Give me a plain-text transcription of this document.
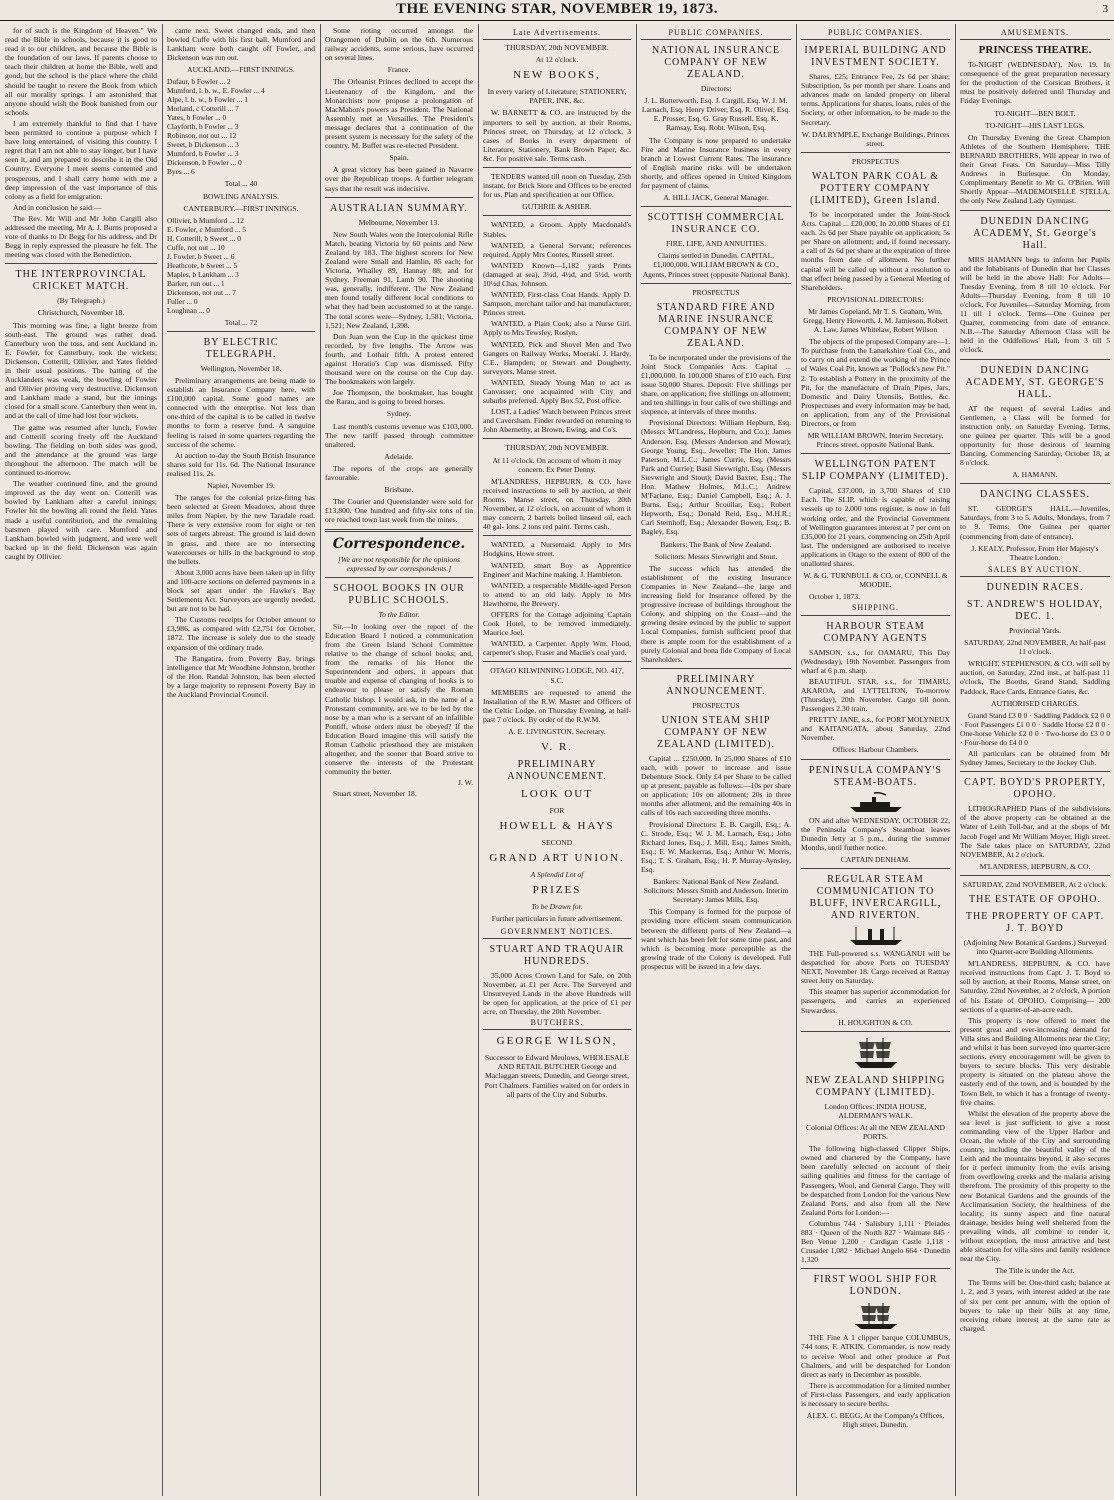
THE EVENING STAR, NOVEMBER 19, 1873.	3

for of such is the Kingdom of Heaven." We read the Bible in schools, because it is good to read it to our children, and because the Bible is the foundation of our laws. If parents choose to teach their children at home the Bible, well and good; but the school is the place where the child should be taught to revere the Book from which all our morality springs. I am astonished that anyone should wish the Book banished from our schools.

I am extremely thankful to find that I have been permitted to continue a purpose which I have long entertained, of visiting this country. I regret that I am not able to stay longer, but I have seen it, and am prepared to describe it in the Old Country. Everyone I meet seems contented and prosperous, and I shall carry home with me a deep impression of the vast importance of this colony as a field for emigration.

And in conclusion he said:—

The Rev. Mr Will and Mr John Cargill also addressed the meeting. Mr A. J. Burns proposed a vote of thanks to Dr Begg for his address, and Dr Begg in reply expressed the pleasure he felt. The meeting was closed with the Benediction.

THE INTERPROVINCIAL CRICKET MATCH.

(By Telegraph.)

Christchurch, November 18.

This morning was fine, a light breeze from south-east. The ground was rather dead. Canterbury won the toss, and sent Auckland in. E. Fowler, for Canterbury, took the wickets; Dickenson, Cotterill, Ollivier, and Yates fielded in their usual positions. The batting of the Aucklanders was weak, the bowling of Fowler and Ollivier proving very destructive. Dickenson and Lankham made a stand, but the innings closed for a small score. Canterbury then went in, and at the call of time had lost four wickets.

The game was resumed after lunch, Fowler and Cotterill scoring freely off the Auckland bowling. The fielding on both sides was good, and the attendance at the ground was large throughout the afternoon. The match will be continued to-morrow.

The weather continued fine, and the ground improved as the day went on. Cotterill was bowled by Lankham after a careful innings; Fowler hit the bowling all round the field. Yates made a useful contribution, and the remaining batsmen played with care. Mumford and Lankham bowled with judgment, and were well backed up in the field. Dickenson was again caught by Ollivier.

came next. Sweet changed ends, and then bowled Cuffe with his first ball. Mumford and Lankham were both caught off Fowler, and Dickenson was run out.

AUCKLAND.—FIRST INNINGS.

Dufaur, b Fowler ... 2
Mumford, l. b. w., E. Fowler ... 4
Alpe, l. b. w., b Fowler ... 1
Morland, c Cotterill ... 7
Yates, b Fowler ... 0
Clayforth, b Fowler ... 3
Robinson, not out ... 12
Sweet, b Dickenson ... 3
Mumford, b Fowler ... 3
Dickenson, b Fowler ... 0
Byes ... 6

Total ... 40

BOWLING ANALYSIS.

CANTERBURY.—FIRST INNINGS.

Ollivier, b Mumford ... 12
E. Fowler, c Mumford ... 5
H. Cotterill, b Sweet ... 0
Cuffe, not out ... 10
J. Fowler, b Sweet ... 6
Heathcote, b Sweet ... 5
Maples, b Lankham ... 3
Barker, run out ... 1
Dickenson, not out ... 7
Fuller ... 0
Loughnan ... 0

Total ... 72

BY ELECTRIC TELEGRAPH.

Wellington, November 18.

Preliminary arrangements are being made to establish an Insurance Company here, with £100,000 capital. Some good names are connected with the enterprise. Not less than one-third of the capital is to be called in twelve months to form a reserve fund. A sanguine feeling is raised in some quarters regarding the success of the scheme.

At auction to-day the South British Insurance shares sold for 11s. 6d. The National Insurance realised 11s. 2s.

Napier, November 19.

The ranges for the colonial prize-firing has been selected at Green Meadows, about three miles from Napier, by the new Taradale road. There is very extensive room for eight or ten sets of targets abreast. The ground is laid down in grass, and there are no intersecting watercourses or hills in the background to stop the bullets.

About 3,000 acres have been taken up in fifty and 100-acre sections on deferred payments in a block set apart under the Hawke's Bay Settlements Act. Surveyors are urgently needed, but are not to be had.

The Customs receipts for October amount to £3,986, as compared with £2,751 for October, 1872. The increase is solely due to the steady expansion of the ordinary trade.

The Rangatira, from Poverty Bay, brings intelligence that Mr Woodbine Johnston, brother of the Hon. Randal Johnston, has been elected by a large majority to represent Poverty Bay in the Auckland Provincial Council.

Some rioting occurred amongst the Orangemen of Dublin on the 6th. Numerous railway accidents, some serious, have occurred on several lines.

France.

The Orleanist Princes declined to accept the Lieutenancy of the Kingdom, and the Monarchists now propose a prolongation of MacMahon's powers as President. The National Assembly met at Versailles. The President's message declares that a continuation of the present system is necessary for the safety of the country. M. Buffet was re-elected President.

Spain.

A great victory has been gained in Navarre over the Republican troops. A further telegram says that the result was indecisive.

AUSTRALIAN SUMMARY.

Melbourne, November 13.

New South Wales won the Intercolonial Rifle Match, beating Victoria by 60 points and New Zealand by 183. The highest scorers for New Zealand were Small and Hamlin, 85 each; for Victoria, Whalley 89, Hannay 88; and for Sydney, Freeman 91, Lamb 90. The shooting was, generally, indifferent. The New Zealand men found totally different local conditions to what they had been accustomed to at the range. The total scores were—Sydney, 1,581; Victoria, 1,521; New Zealand, 1,398.

Don Juan won the Cup in the quickest time recorded, by five lengths. The Arrow was fourth, and Lothair fifth. A protest entered against Horatio's Cup was dismissed. Fifty thousand were on the course on the Cup day. The bookmakers won largely.

Joe Thompson, the bookmaker, has bought the Rarau, and is going to breed horses.

Sydney.

Last month's customs revenue was £103,000. The new tariff passed through committee unaltered.

Adelaide.

The reports of the crops are generally favourable.

Brisbane.

The Courier and Queenslander were sold for £13,800. One hundred and fifty-six tons of tin ore reached town last week from the mines.

Correspondence.

[We are not responsible for the opinions expressed by our correspondents.]

SCHOOL BOOKS IN OUR PUBLIC SCHOOLS.

To the Editor.

Sir,—In looking over the report of the Education Board I noticed a communication from the Green Island School Committee relative to the change of school books; and, from the remarks of his Honor the Superintendent and others, it appears that trouble and expense of changing of books is to endeavour to please or satisfy the Roman Catholic bishop. I would ask, in the name of a Protestant community, are we to be led by the nose by a man who is a servant of an infallible Pontiff, whose orders must be obeyed? If the Education Board imagine this will satisfy the Roman Catholic priesthood they are mistaken altogether, and the sooner that Board strive to conserve the interests of the Protestant community the better.

J. W.

Stuart street, November 18.

Late Advertisements.

THURSDAY, 20th NOVEMBER.

At 12 o'clock.

NEW BOOKS,

In every variety of Literature; STATIONERY, PAPER, INK, &c.

W. BARNETT & CO. are instructed by the importers to sell by auction, at their Rooms, Princes street, on Thursday, at 12 o'clock, 3 cases of Books in every department of Literature, Stationery, Bank Brown Paper, &c. &c. For positive sale. Terms cash.

TENDERS wanted till noon on Tuesday, 25th instant, for Brick Store and Offices to be erected for us. Plan and specification at our Office.

GUTHRIE & ASHER.

WANTED, a Groom. Apply Macdonald's Stables.

WANTED, a General Servant; references required. Apply Mrs Cootes, Russell street.

WANTED Known—1,182 yards Prints (damaged at sea), 3¼d, 4½d, and 5½d, worth 10½d Chas. Johnson.

WANTED, First-class Coat Hands. Apply D. Sampson, merchant tailor and hat manufacturer, Princes street.

WANTED, a Plain Cook; also a Nurse Girl. Apply to Mrs Tewsley, Roslyn.

WANTED, Pick and Shovel Men and Two Gangers on Railway Works, Moeraki. J. Hardy, C.E., Hampden; or Stewart and Dougherty, surveyors, Manse street.

WANTED, Steady Young Man to act as Canvasser; one acquainted with City and suburbs preferred. Apply Box 52, Post office.

LOST, a Ladies' Watch between Princes street and Caversham. Finder rewarded on returning to John Abernethy, at Brown, Ewing, and Co's.

THURSDAY, 20th NOVEMBER.

At 11 o'clock. On account of whom it may concern. Ex Peter Denny.

M'LANDRESS, HEPBURN, & CO. have received instructions to sell by auction, at their Rooms, Manse street, on Thursday, 20th November, at 12 o'clock, on account of whom it may concern, 2 barrels boiled linseed oil, each 40 gal- lons. 2 tons red paint. Terms cash.

WANTED, a Nursemaid. Apply to Mrs Hodgkins, Howe street.

WANTED, smart Boy as Apprentice Engineer and Machine making. J. Hambleton.

WANTED, a respectable Middle-aged Person to attend to an old lady. Apply to Mrs Hawthorne, the Brewery.

OFFERS for the Cottage adjoining Captain Cook Hotel, to be removed immediately. Maurice Joel.

WANTED, a Carpenter. Apply Wm. Flood, carpenter's shop, Fraser and Maclie's coal yard.

OTAGO KILWINNING LODGE, NO. 417, S.C.

MEMBERS are requested to attend the Installation of the R.W. Master and Officers of the Celtic Lodge, on Thursday Evening, at half-past 7 o'clock. By order of the R.W.M.

A. E. LIVINGSTON, Secretary.

V. R.
PRELIMINARY ANNOUNCEMENT.
LOOK OUT

FOR

HOWELL & HAYS

SECOND

GRAND ART UNION.

A Splendid Lot of

PRIZES

To be Drawn for.

Further particulars in future advertisement.

GOVERNMENT NOTICES.
STUART AND TRAQUAIR HUNDREDS.

35,000 Acres Crown Land for Sale, on 20th November, at £1 per Acre. The Surveyed and Unsurveyed Lands in the above Hundreds will be open for application, at the price of £1 per acre, on Thursday, the 20th November.

BUTCHERS.
GEORGE WILSON,

Successor to Edward Meulows, WHOLESALE AND RETAIL BUTCHER George and Maclaggan streets, Dunedin, and George street, Port Chalmers. Families waited on for orders in all parts of the City and Suburbs.

PUBLIC COMPANIES.
NATIONAL INSURANCE COMPANY OF NEW ZEALAND.

Directors:

J. L. Butterworth, Esq. J. Cargill, Esq. W. J. M. Larnach, Esq. Henry Driver, Esq. R. Oliver, Esq. E. Prosser, Esq. G. Gray Russell, Esq. K. Ramsay, Esq. Robt. Wilson, Esq.

The Company is now prepared to undertake Fire and Marine Insurance business in every branch at Lowest Current Rates. The insurance of English marine risks will be undertaken shortly, and offices opened in United Kingdom for payment of claims.

A. HILL JACK, General Manager.

SCOTTISH COMMERCIAL INSURANCE CO.

FIRE, LIFE, AND ANNUITIES.

Claims settled in Dunedin. CAPITAL, £1,000,000. WILLIAM BROWN & CO., Agents, Princes street (opposite National Bank).

PROSPECTUS

STANDARD FIRE AND MARINE INSURANCE COMPANY OF NEW ZEALAND.

To be incorporated under the provisions of the Joint Stock Companies Acts. Capital ... £1,000,000. In 100,000 Shares of £10 each. First issue 50,000 Shares. Deposit: Five shillings per share, on application; five shillings on allotment; and ten shillings in four calls of two shillings and sixpence, at intervals of three months.

Provisional Directors: William Hepburn, Esq. (Messrs M'Landress, Hepburn, and Co.); James Anderson, Esq. (Messrs Anderson and Mowat); George Young, Esq., Jeweller; The Hon. James Paterson, M.L.C.; James Currie, Esq. (Messrs Park and Currie); Basil Sievwright, Esq. (Messrs Sievwright and Stout); David Baxter, Esq.; The Hon. Mathew Holmes, M.L.C.; Andrew M'Farlane, Esq.; Daniel Campbell, Esq.; A. J. Burns, Esq.; Arthur Scoullar, Esq.; Robert Hepworth, Esq.; Donald Reid, Esq., M.H.R.; Carl Sternhoff, Esq.; Alexander Bowen, Esq.; B. Bagley, Esq.

Bankers: The Bank of New Zealand.

Solicitors: Messrs Sievwright and Stout.

The success which has attended the establishment of the existing Insurance Companies in New Zealand—the large and increasing field for Insurance offered by the progressive increase of buildings throughout the Colony, and shipping on the Coast—and the growing desire evinced by the public to support Local Companies, furnish sufficient proof that there is ample room for the establishment of a purely Colonial and bona fide Company of Local Shareholders.

PRELIMINARY ANNOUNCEMENT.

PROSPECTUS

UNION STEAM SHIP COMPANY OF NEW ZEALAND (LIMITED).

Capital ... £250,000. In 25,000 Shares of £10 each, with power to increase and issue Debenture Stock. Only £4 per Share to be called up at present, payable as follows:—10s per share on application; 10s on allotment; 20s in three months after allotment, and the remaining 40s in calls of 10s each succeeding three months.

Provisional Directors: E. B. Cargill, Esq.; A. C. Strode, Esq.; W. J. M. Larnach, Esq.; John Richard Jones, Esq.; J. Mill, Esq.; James Smith, Esq.; F. W. Mackerras, Esq.; Arthur W. Morris, Esq.; T. S. Graham, Esq.; H. P. Murray-Aynsley, Esq.

Bankers: National Bank of New Zealand. Solicitors: Messrs Smith and Anderson. Interim Secretary: James Mills, Esq.

This Company is formed for the purpose of providing more efficient steam communication between the different ports of New Zealand—a want which has been felt for some time past, and which is becoming more perceptible as the growing trade of the Colony is developed. Full prospectus will be issued in a few days.

PUBLIC COMPANIES.
IMPERIAL BUILDING AND INVESTMENT SOCIETY.

Shares, £25; Entrance Fee, 2s 6d per share; Subscription, 5s per month per share. Loans and advances made on landed property on liberal terms. Applications for shares, loans, rules of the Society, or other information, to be made to the Secretary.

W. DALRYMPLE, Exchange Buildings, Princes street.

PROSPECTUS

WALTON PARK COAL & POTTERY COMPANY (LIMITED), Green Island.

To be incorporated under the Joint-Stock Acts. Capital ... £20,000, In 20,000 Shares of £1 each. 2s 6d per Share payable on application; 5s per Share on allotment; and, if found necessary, a call of 2s 6d per share at the expiration of three months from date of allotment. No further capital will be called up without a resolution to that effect being passed by a General Meeting of Shareholders.

PROVISIONAL DIRECTORS:

Mr James Copeland, Mr T. S. Graham, Wm. Gregg, Henry Howorth, J. M. Jamieson, Robert A. Law, James Whitelaw, Robert Wilson

The objects of the proposed Company are—1. To purchase from the Lanarkshire Coal Co., and to carry on and extend the working of the Prince of Wales Coal Pit, known as "Pollock's new Pit." 2. To establish a Pottery in the proximity of the Pit, for the manufacture of Drain Pipes, Jars, Domestic and Dairy Utensils, Bottles, &c. Prospectuses and every information may be had, on application, from any of the Provisional Directors, or from

MR WILLIAM BROWN, Interim Secretary, Princes street, opposite National Bank.

WELLINGTON PATENT SLIP COMPANY (LIMITED).

Capital, £37,000, in 3,700 Shares of £10 Each. The SLIP, which is capable of raising vessels up to 2,000 tons register, is now in full working order, and the Provincial Government of Wellington guarantees interest at 7 per cent on £35,000 for 21 years, commencing on 25th April last. The undersigned are authorised to receive applications in Otago to the extent of 800 of the unallotted shares.

W. & G. TURNBULL & CO, or, CONNELL & MOODIE.

October 1, 1873.

SHIPPING.
HARBOUR STEAM COMPANY AGENTS

SAMSON, s.s., for OAMARU, This Day (Wednesday), 19th November. Passengers from wharf at 6 p.m. sharp.

BEAUTIFUL STAR, s.s., for TIMARU, AKAROA, and LYTTELTON, To-morrow (Thursday), 20th November. Cargo till noon. Passengers 2.30 train.

PRETTY JANE, s.s., for PORT MOLYNEUX and KAITANGATA, about Saturday, 22nd November.

Offices: Harbour Chambers.

PENINSULA COMPANY'S STEAM-BOATS.

ON and after WEDNESDAY, OCTOBER 22, the Peninsula Company's Steamboat leaves Dunedin Jetty at 5 p.m., during the summer Months, until further notice.

CAPTAIN DENHAM.

REGULAR STEAM COMMUNICATION TO BLUFF, INVERCARGILL, AND RIVERTON.

THE Full-powered s.s. WANGANUI will be despatched for above Ports on TUESDAY NEXT, November 18. Cargo received at Rattray street Jetty on Saturday.

This steamer has superior accommodation for passengers, and carries an experienced Stewardess.

H. HOUGHTON & CO.

NEW ZEALAND SHIPPING COMPANY (LIMITED).

London Offices: INDIA HOUSE, ALDERMAN'S WALK.

Colonial Offices: At all the NEW ZEALAND PORTS.

The following high-classed Clipper Ships, owned and chartered by the Company, have been carefully selected on account of their sailing qualities and fitness for the carriage of Passengers, Wool, and General Cargo. They will be despatched from London for the various New Zealand Ports, and also from all the New Zealand Ports for London:—

Columbus 744 · Salisbury 1,111 · Pleiades 883 · Queen of the North 827 · Waimate 845 · Ben Venue 1,200 · Cardigan Castle 1,118 · Crusader 1,082 · Michael Angelo 664 · Dunedin 1,320

FIRST WOOL SHIP FOR LONDON.

THE Fine A 1 clipper barque COLUMBUS, 744 tons, F. ATKIN, Commander, is now ready to receive Wool and other produce at Port Chalmers, and will be despatched for London direct as early in December as possible.

There is accommodation for a limited number of First-class Passengers, and early application is necessary to secure berths.

ALEX. C. BEGG, At the Company's Offices, High street, Dunedin.

AMUSEMENTS.
PRINCESS THEATRE.

To-NIGHT (WEDNESDAY), Nov. 19. In consequence of the great preparation necessary for the production of the Corsican Brothers, it must be positively deferred until Thursday and Friday Evenings.

TO-NIGHT—BEN BOLT.

TO-NIGHT—HIS LAST LEGS.

On Thursday Evening the Great Champion Athletes of the Southern Hemisphere, THE BERNARD BROTHERS, Will appear in two of their Great Feats. On Saturday—Miss Tilly Andrews in Burlesque. On Monday, Complimentary Benefit to Mr G. O'Brien. Will Shortly Appear—MADEMOISELLE STELLA, the only New Zealand Lady Gymnast.

DUNEDIN DANCING ACADEMY, St. George's Hall.

MRS HAMANN begs to inform her Pupils and the Inhabitants of Dunedin that her Classes will be held in the above Hall: For Adults—Tuesday Evening, from 8 till 10 o'clock. For Adults—Thursday Evening, from 8 till 10 o'clock. For Juveniles—Saturday Morning, from 11 till 1 o'clock. Terms—One Guinea per Quarter, commencing from date of entrance. N.B.—The Saturday Afternoon Class will be held in the Oddfellows' Hall, from 3 till 5 o'clock.

DUNEDIN DANCING ACADEMY, ST. GEORGE'S HALL.

AT the request of several Ladies and Gentlemen, a Class will be formed for instruction only, on Saturday Evening. Terms, one guinea per quarter. This will be a good opportunity for those desirous of learning Dancing. Commencing Saturday, October 18, at 8 o'clock.

A. HAMANN.

DANCING CLASSES.

ST. GEORGE'S HALL.—Juveniles, Saturdays, from 3 to 5. Adults, Mondays, from 7 to 9. Terms: One Guinea per quarter (commencing from date of entrance).

J. KEALY, Professor, From Her Majesty's Theatre London.

SALES BY AUCTION.
DUNEDIN RACES.
ST. ANDREW'S HOLIDAY, DEC. 1.

Provincial Yards.

SATURDAY, 22nd NOVEMBER, At half-past 11 o'clock.

WRIGHT, STEPHENSON, & CO. will sell by auction, on Saturday, 22nd inst., at half-past 11 o'clock, The Booths, Grand Stand, Saddling Paddock, Race Cards, Entrance Gates, &c.

AUTHORISED CHARGES.

Grand Stand £3 0 0 · Saddling Paddock £2 0 0 · Foot Passengers £1 0 0 · Saddle Horse £2 0 0 · One-horse Vehicle £2 0 0 · Two-horse do £3 0 0 · Four-horse do £4 0 0

All particulars can be obtained from Mr Sydney James, Secretary to the Jockey Club.

CAPT. BOYD'S PROPERTY, OPOHO.

LITHOGRAPHED Plans of the subdivisions of the above property can be obtained at the Water of Leith Toll-bar, and at the shops of Mr Jacob Fogel and Mr William Moyer, High street. The Sale takes place on SATURDAY, 22nd NOVEMBER, At 2 o'clock.

M'LANDRESS, HEPBURN, & CO.

SATURDAY, 22nd NOVEMBER, At 2 o'clock.

THE ESTATE OF OPOHO.
THE PROPERTY OF CAPT. J. T. BOYD

(Adjoining New Botanical Gardens.) Surveyed into Quarter-acre Building Allotments.

M'LANDRESS, HEPBURN, & CO. have received instructions from Capt. J. T. Boyd to sell by auction, at their Rooms, Manse street, on Saturday, 22nd November, at 2 o'clock, A portion of his Estate of OPOHO, Comprising— 200 sections of a quarter-of-an-acre each.

This property is now offered to meet the present great and ever-increasing demand for Villa sites and Building Allotments near the City; and whilst it has been surveyed into quarter-acre sections, every encouragement will be given to buyers to secure blocks. This very desirable property is situated on the plateau above the easterly end of the town, and is bounded by the Town Belt, to which it has a frontage of twenty-five chains.

Whilst the elevation of the property above the sea level is just sufficient to give a most commanding view of the Upper Harbor and Ocean, the whole of the City and surrounding country, including the beautiful valley of the Leith and the mountains beyond, it also secures for it perfect immunity from the evils arising from overflowing creeks and the malaria arising therefrom. The proximity of this property to the new Botanical Gardens and the grounds of the Acclimatisation Society, the healthiness of the locality, its sunny aspect and fine natural drainage, besides being well sheltered from the prevailing winds, all combine to render it, without exception, the most attractive and best able situation for villa sites and family residence near the City.

The Title is under the Act.

The Terms will be: One-third cash; balance at 1, 2, and 3 years, with interest added at the rate of six per cent per annum, with the option of buyers to take up their bills at any time, receiving rebate interest at the same rate as charged.
